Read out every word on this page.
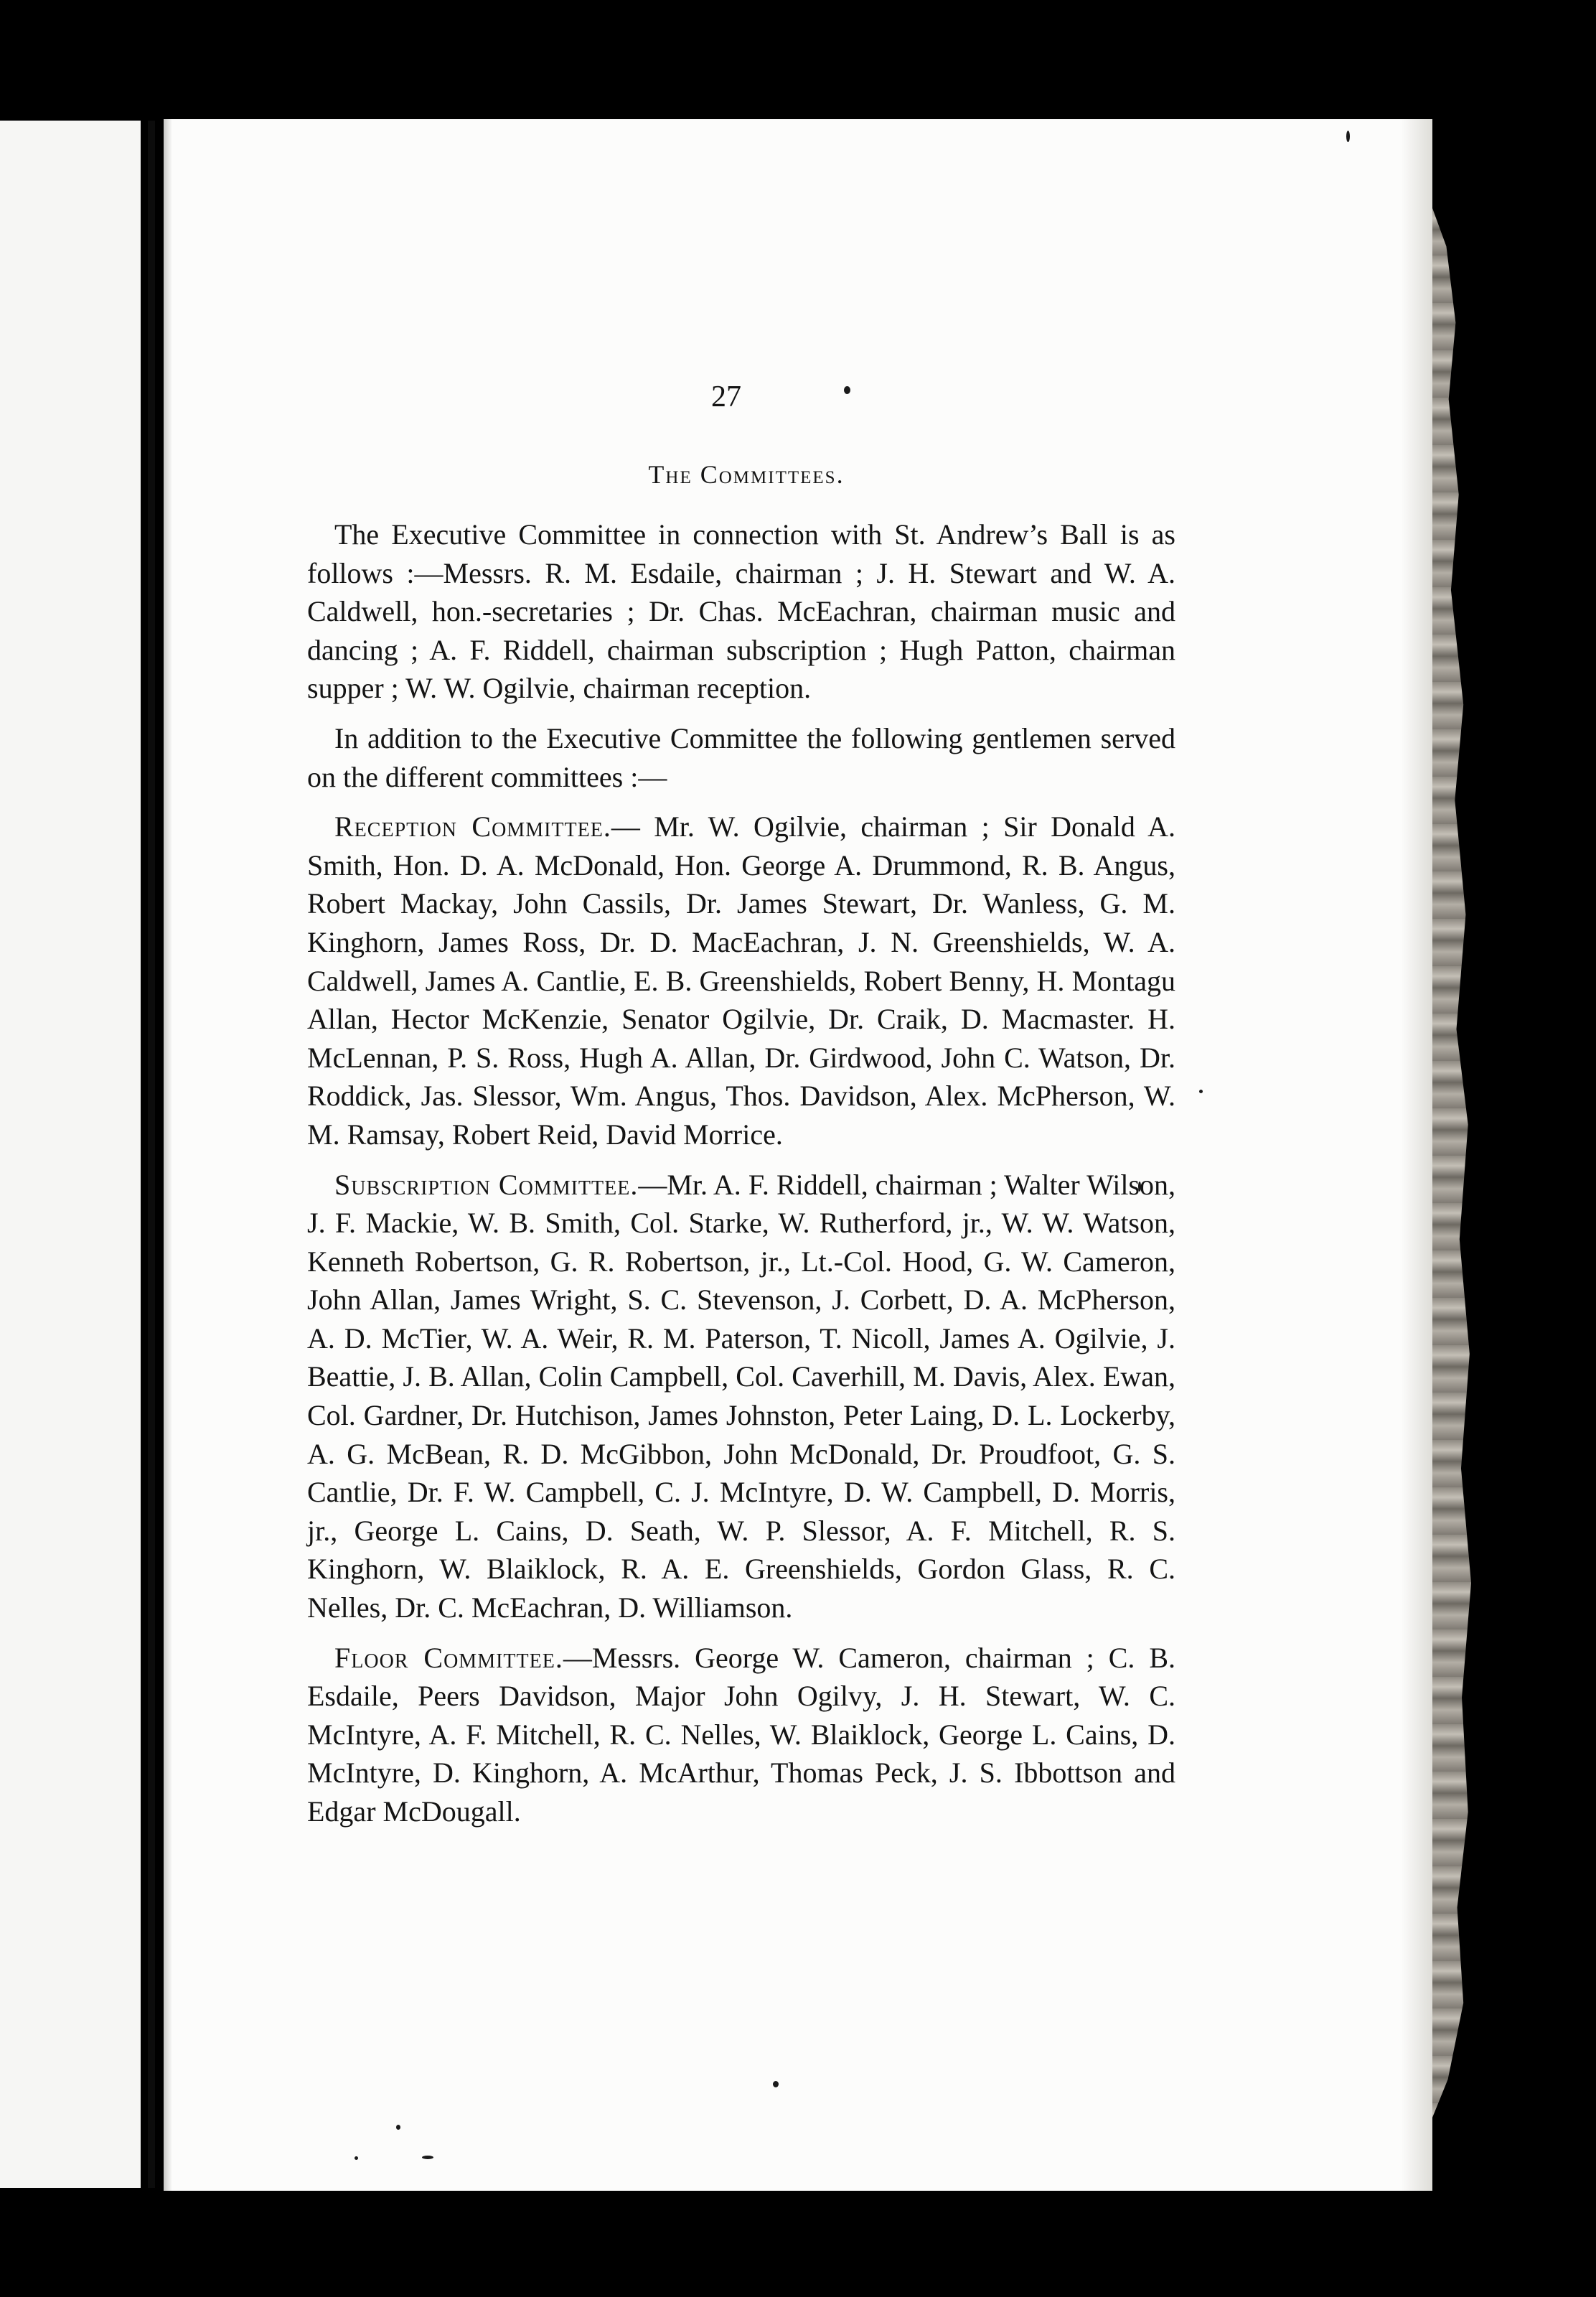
27
The Committees.

The Executive Committee in connection with St. Andrew’s Ball is as follows :—Messrs. R. M. Esdaile, chairman ; J. H. Stewart and W. A. Caldwell, hon.-secretaries ; Dr. Chas. McEachran, chairman music and dancing ; A. F. Riddell, chairman subscription ; Hugh Patton, chairman supper ; W. W. Ogilvie, chairman reception.

In addition to the Executive Committee the following gentlemen served on the different committees :—

Reception Committee.— Mr. W. Ogilvie, chairman ; Sir Donald A. Smith, Hon. D. A. McDonald, Hon. George A. Drummond, R. B. Angus, Robert Mackay, John Cassils, Dr. James Stewart, Dr. Wanless, G. M. Kinghorn, James Ross, Dr. D. MacEachran, J. N. Greenshields, W. A. Caldwell, James A. Cantlie, E. B. Greenshields, Robert Benny, H. Montagu Allan, Hector McKenzie, Senator Ogilvie, Dr. Craik, D. Macmaster. H. McLennan, P. S. Ross, Hugh A. Allan, Dr. Girdwood, John C. Watson, Dr. Roddick, Jas. Slessor, Wm. Angus, Thos. Davidson, Alex. McPherson, W. M. Ramsay, Robert Reid, David Morrice.

Subscription Committee.—Mr. A. F. Riddell, chairman ; Walter Wilson, J. F. Mackie, W. B. Smith, Col. Starke, W. Rutherford, jr., W. W. Watson, Kenneth Robertson, G. R. Robertson, jr., Lt.-Col. Hood, G. W. Cameron, John Allan, James Wright, S. C. Stevenson, J. Corbett, D. A. McPherson, A. D. McTier, W. A. Weir, R. M. Paterson, T. Nicoll, James A. Ogilvie, J. Beattie, J. B. Allan, Colin Campbell, Col. Caverhill, M. Davis, Alex. Ewan, Col. Gardner, Dr. Hutchison, James Johnston, Peter Laing, D. L. Lockerby, A. G. McBean, R. D. McGibbon, John McDonald, Dr. Proudfoot, G. S. Cantlie, Dr. F. W. Campbell, C. J. McIntyre, D. W. Campbell, D. Morris, jr., George L. Cains, D. Seath, W. P. Slessor, A. F. Mitchell, R. S. Kinghorn, W. Blaiklock, R. A. E. Greenshields, Gordon Glass, R. C. Nelles, Dr. C. McEachran, D. Williamson.

Floor Committee.—Messrs. George W. Cameron, chairman ; C. B. Esdaile, Peers Davidson, Major John Ogilvy, J. H. Stewart, W. C. McIntyre, A. F. Mitchell, R. C. Nelles, W. Blaiklock, George L. Cains, D. McIntyre, D. Kinghorn, A. McArthur, Thomas Peck, J. S. Ibbottson and Edgar McDougall.
